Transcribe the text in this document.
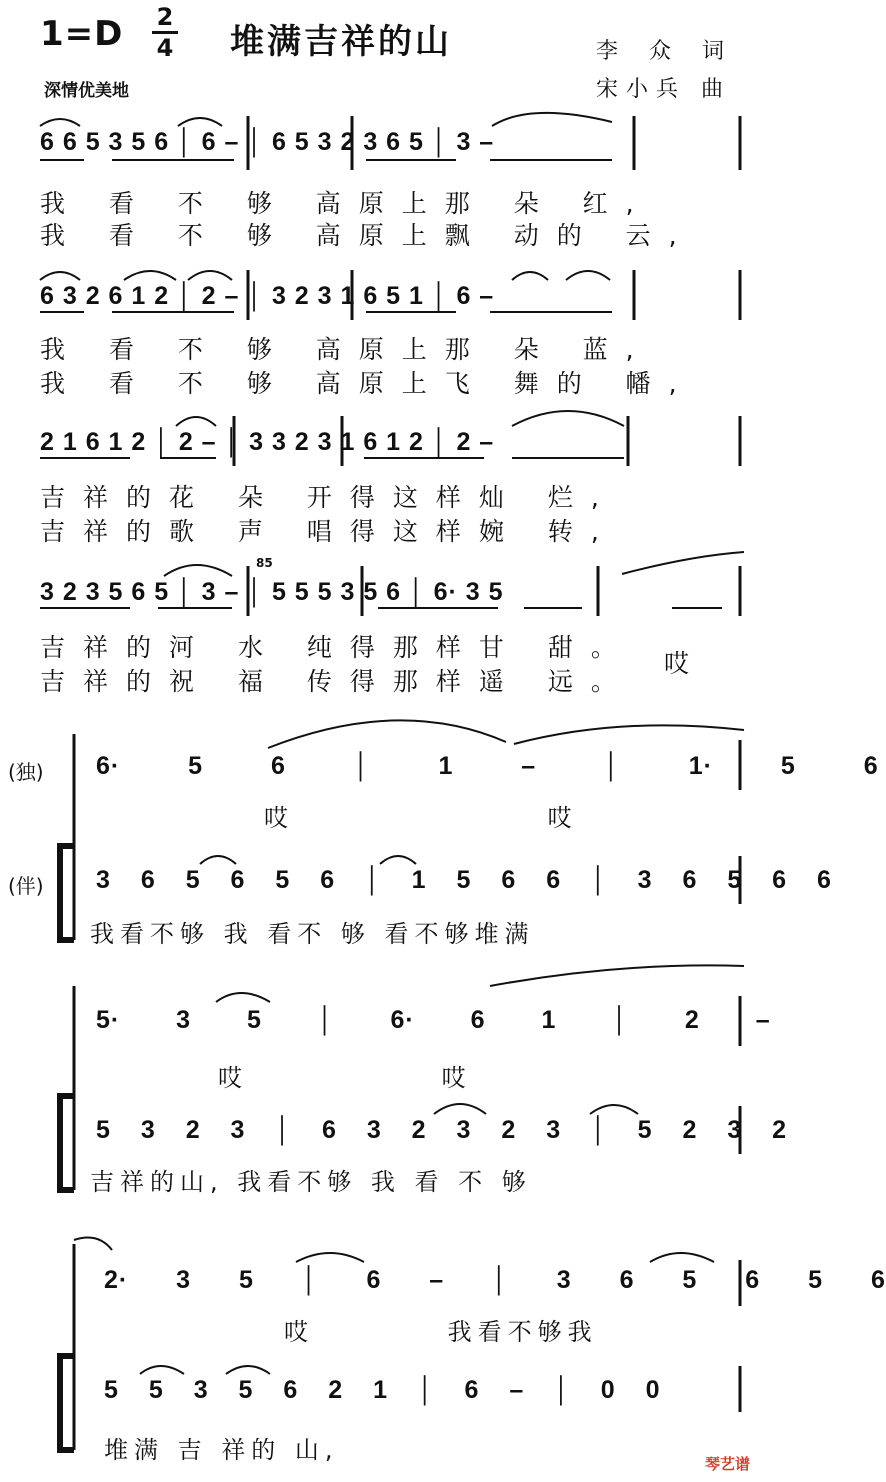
1=D 2
4 堆满吉祥的山	李 众 词
宋小兵 曲
深情优美地
6 6 5 3 5 6 │ 6 – │ 6 5 3 2 3 6 5 │ 3 –
我 看 不 够 高原上那 朵 红,
我 看 不 够 高原上飘 动的 云,
6 3 2 6 1 2 │ 2 – │ 3 2 3 1 6 5 1 │ 6 –
我 看 不 够 高原上那 朵 蓝,
我 看 不 够 高原上飞 舞的 幡,
2 1 6 1 2 │ 2 – │ 3 3 2 3 1 6 1 2 │ 2 –
吉祥的花 朵 开得这样灿 烂,
吉祥的歌 声 唱得这样婉 转,
85
3 2 3 5 6 5 │ 3 – │ 5 5 5 3 5 6 │ 6· 3 5
吉祥的河 水 纯得那样甘 甜。
吉祥的祝 福 传得那样遥 远。
哎
(独) 6· 5 6 │ 1 – │ 1· 5 6
哎 哎
(伴) 3 6 5 6 5 6 │ 1 5 6 6 │ 3 6 5 6 6
我看不够 我 看不 够 看不够堆满
5· 3 5 │ 6· 6 1 │ 2 –
哎 哎
5 3 2 3 │ 6 3 2 3 2 3 │ 5 2 3 2
吉祥的山, 我看不够 我 看 不 够
2· 3 5 │ 6 – │ 3 6 5 6 5 6
哎 我看不够我
5 5 3 5 6 2 1 │ 6 – │ 0 0
堆满 吉 祥的 山,	琴艺谱
